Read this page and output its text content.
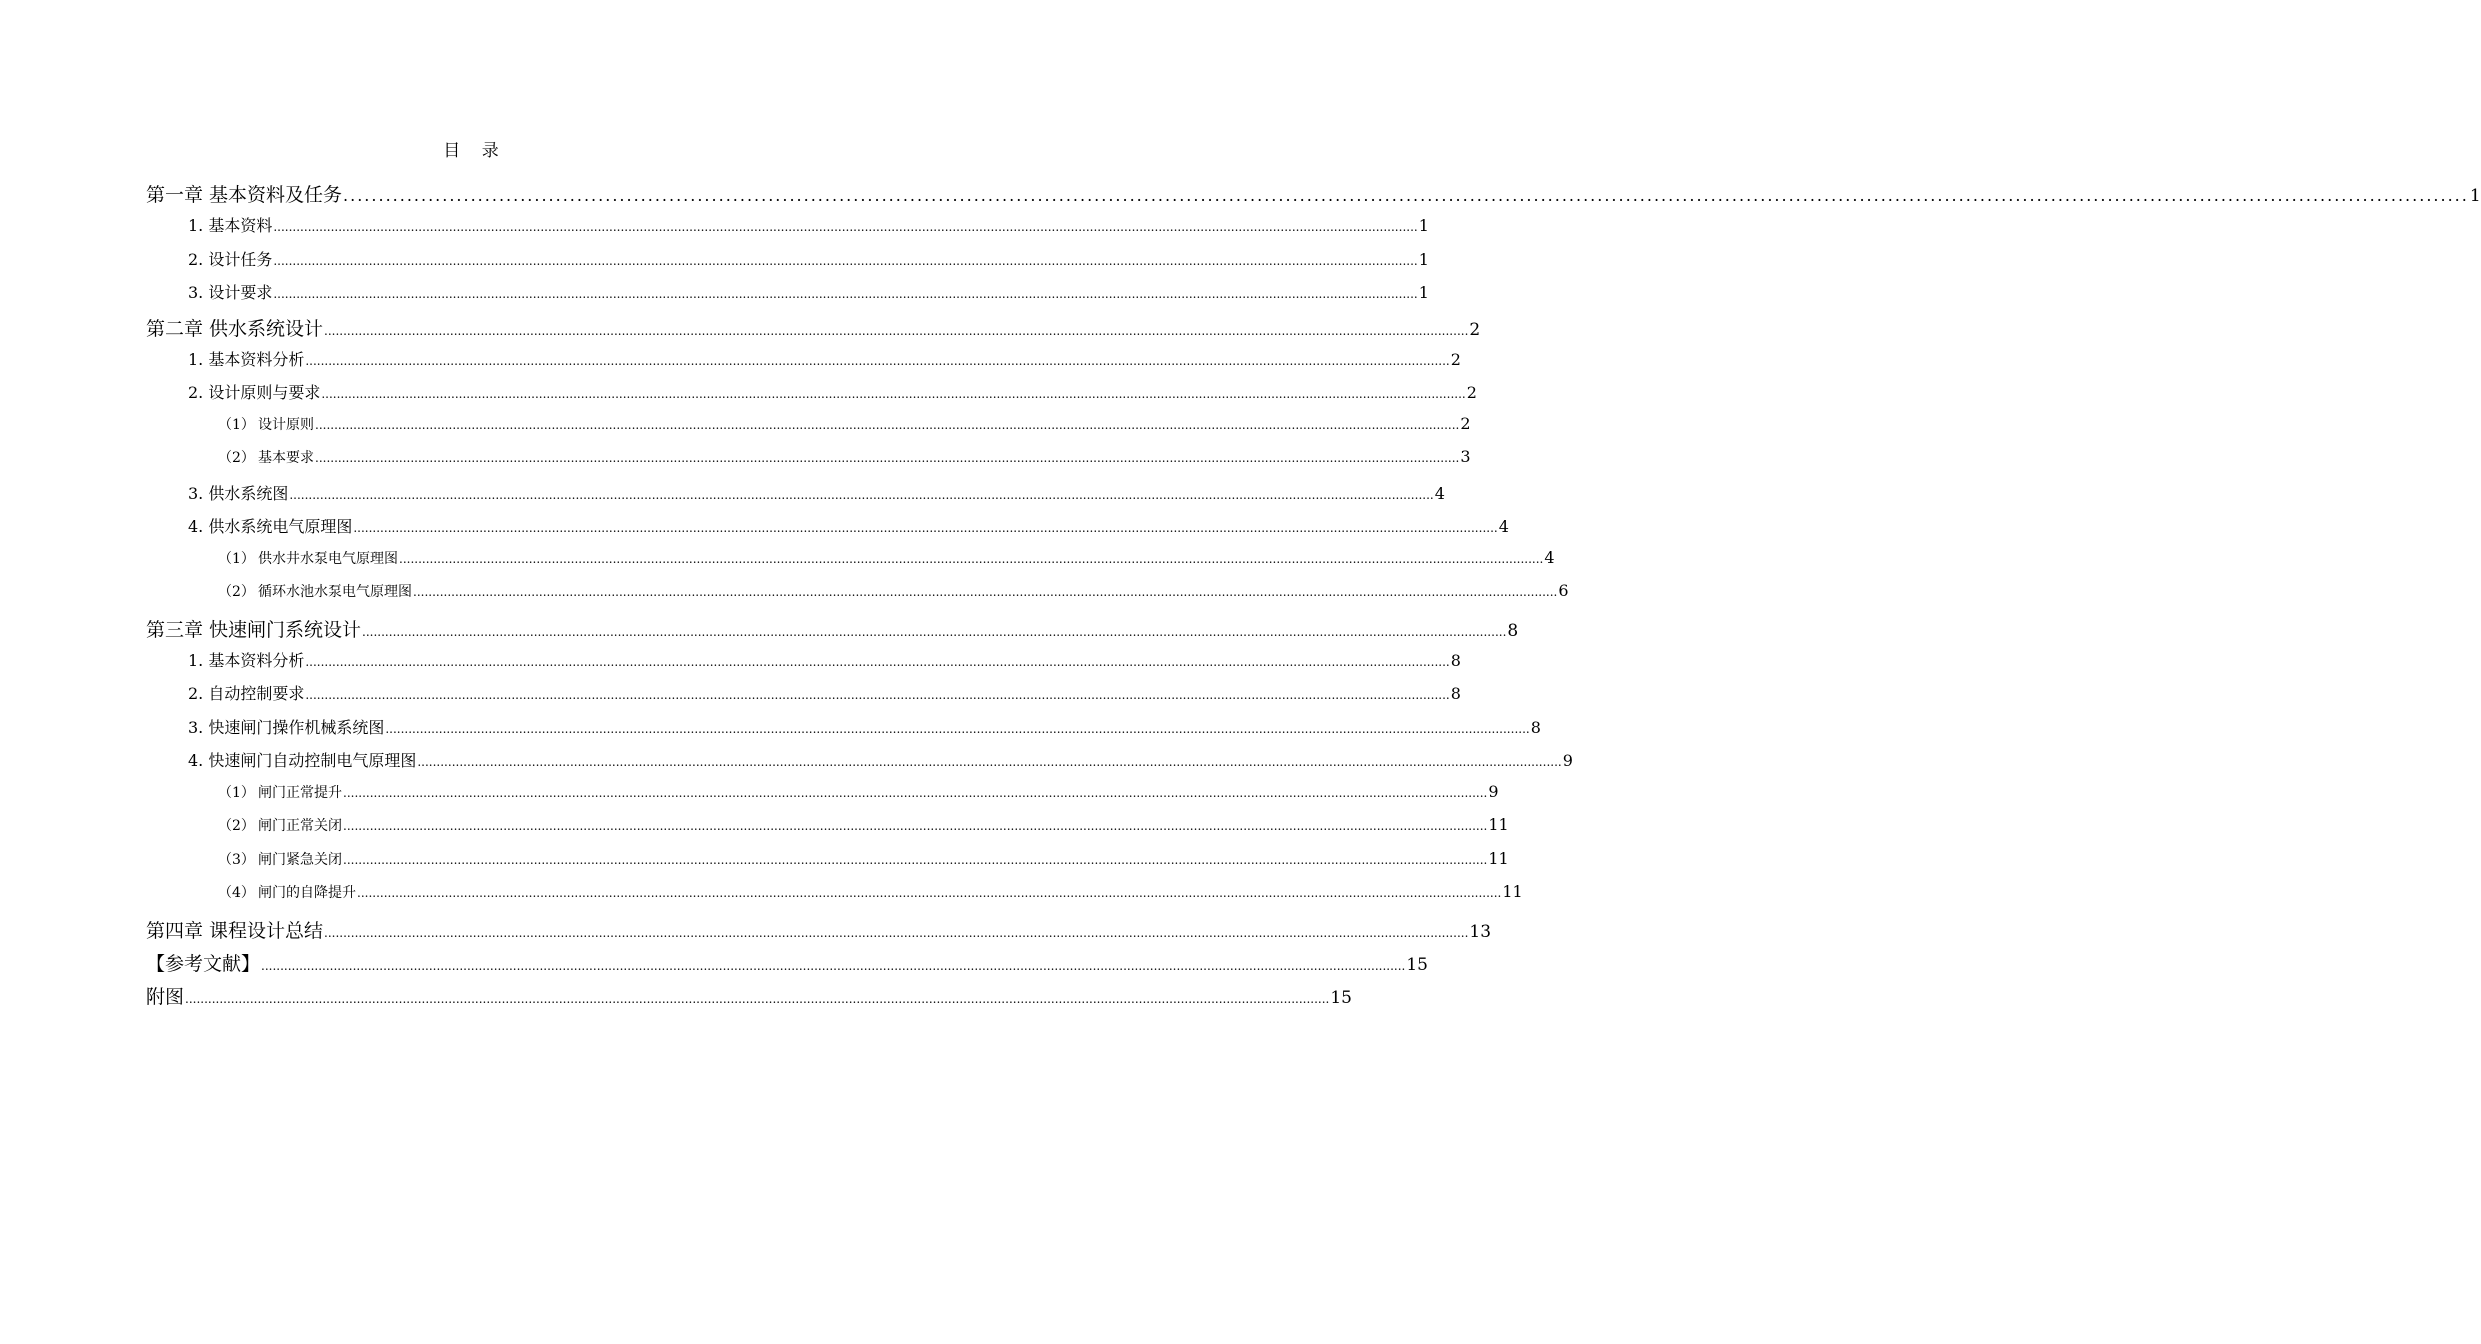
目 录
第一章 基本资料及任务 ............................................................................................................................................................................................................................................................................................................ 1
1. 基本资料 ............................................................................................................................................................................................................................................................................................................ 1
2. 设计任务 ............................................................................................................................................................................................................................................................................................................ 1
3. 设计要求 ............................................................................................................................................................................................................................................................................................................ 1
第二章 供水系统设计 ............................................................................................................................................................................................................................................................................................................ 2
1. 基本资料分析 ............................................................................................................................................................................................................................................................................................................ 2
2. 设计原则与要求 ............................................................................................................................................................................................................................................................................................................ 2
（1） 设计原则 ............................................................................................................................................................................................................................................................................................................ 2
（2） 基本要求 ............................................................................................................................................................................................................................................................................................................ 3
3. 供水系统图 ............................................................................................................................................................................................................................................................................................................ 4
4. 供水系统电气原理图 ............................................................................................................................................................................................................................................................................................................ 4
（1） 供水井水泵电气原理图 ............................................................................................................................................................................................................................................................................................................ 4
（2） 循环水池水泵电气原理图 ............................................................................................................................................................................................................................................................................................................ 6
第三章 快速闸门系统设计 ............................................................................................................................................................................................................................................................................................................ 8
1. 基本资料分析 ............................................................................................................................................................................................................................................................................................................ 8
2. 自动控制要求 ............................................................................................................................................................................................................................................................................................................ 8
3. 快速闸门操作机械系统图 ............................................................................................................................................................................................................................................................................................................ 8
4. 快速闸门自动控制电气原理图 ............................................................................................................................................................................................................................................................................................................ 9
（1） 闸门正常提升 ............................................................................................................................................................................................................................................................................................................ 9
（2） 闸门正常关闭 ............................................................................................................................................................................................................................................................................................................ 11
（3） 闸门紧急关闭 ............................................................................................................................................................................................................................................................................................................ 11
（4） 闸门的自降提升 ............................................................................................................................................................................................................................................................................................................ 11
第四章 课程设计总结 ............................................................................................................................................................................................................................................................................................................ 13
【参考文献】 ............................................................................................................................................................................................................................................................................................................ 15
附图 ............................................................................................................................................................................................................................................................................................................ 15
